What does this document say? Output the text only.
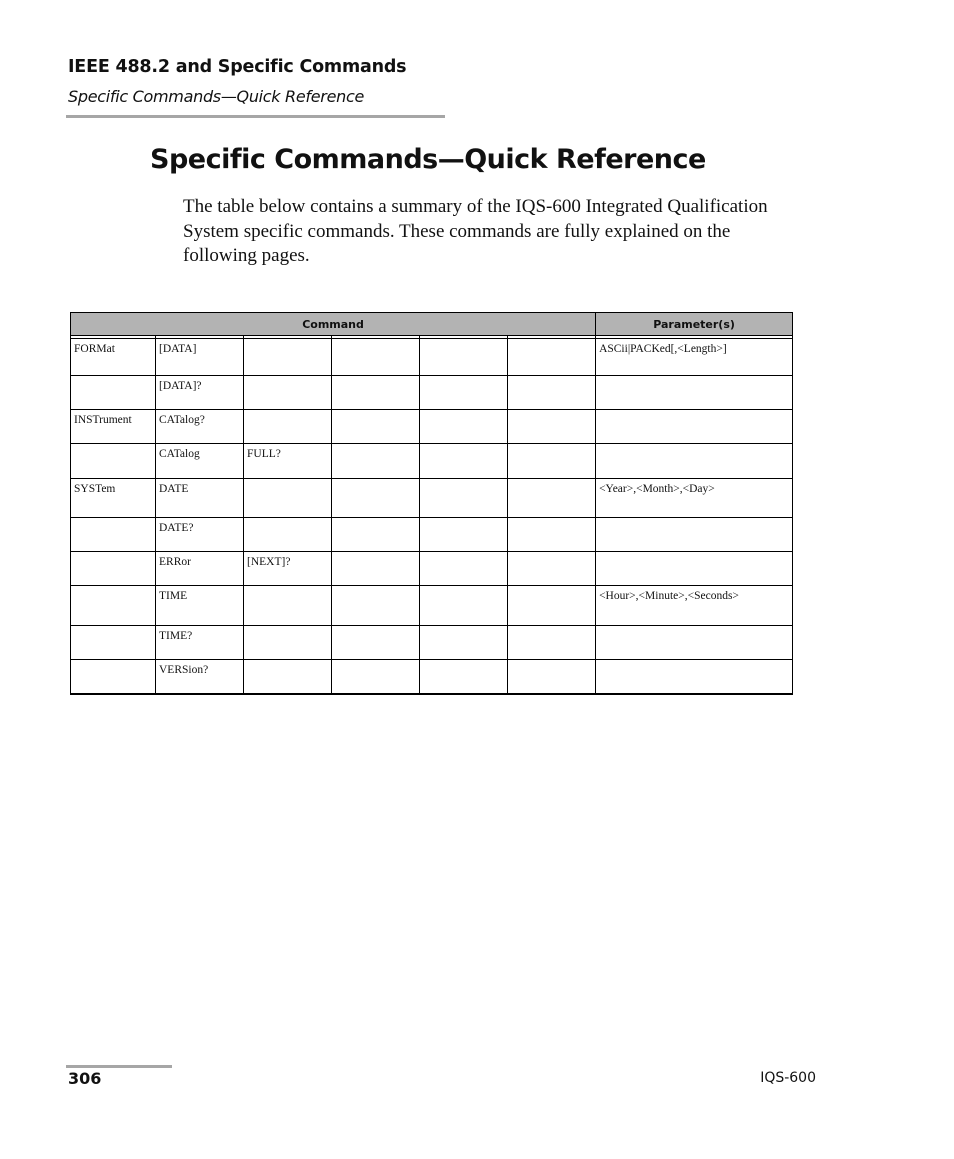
IEEE 488.2 and Specific Commands
Specific Commands—Quick Reference
Specific Commands—Quick Reference

The table below contains a summary of the IQS-600 Integrated Qualification System specific commands. These commands are fully explained on the following pages.

Command						Parameter(s)

FORMat	[DATA]					ASCii|PACKed[,<Length>]
	[DATA]?					
INSTrument	CATalog?					
	CATalog	FULL?				
SYSTem	DATE					<Year>,<Month>,<Day>
	DATE?					
	ERRor	[NEXT]?				
	TIME					<Hour>,<Minute>,<Seconds>
	TIME?					
	VERSion?					
306	IQS-600
